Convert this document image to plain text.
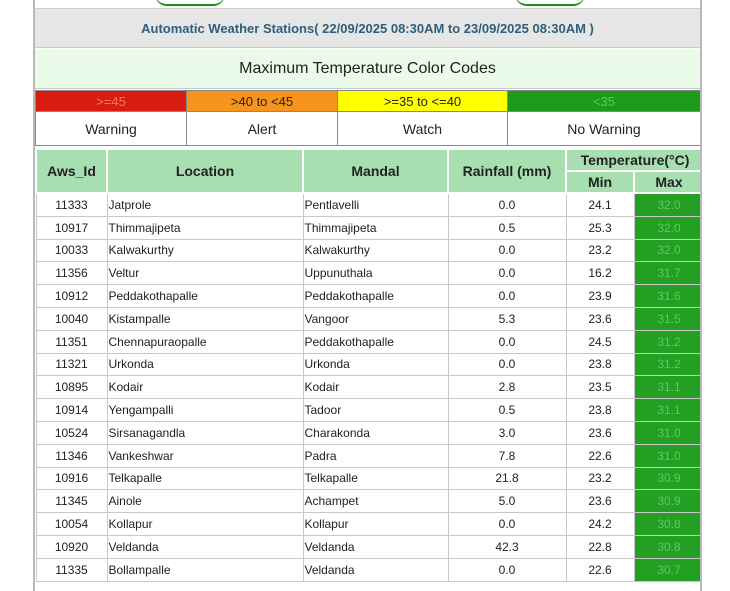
Automatic Weather Stations( 22/09/2025 08:30AM to 23/09/2025 08:30AM )
Maximum Temperature Color Codes
>=45	>40 to <45	>=35 to <=40	<35
Warning	Alert	Watch	No Warning
Aws_Id	Location	Mandal	Rainfall (mm)	Temperature(°C)	
				Min	Max
11333	Jatprole	Pentlavelli	0.0	24.1	32.0
10917	Thimmajipeta	Thimmajipeta	0.5	25.3	32.0
10033	Kalwakurthy	Kalwakurthy	0.0	23.2	32.0
11356	Veltur	Uppunuthala	0.0	16.2	31.7
10912	Peddakothapalle	Peddakothapalle	0.0	23.9	31.6
10040	Kistampalle	Vangoor	5.3	23.6	31.5
11351	Chennapuraopalle	Peddakothapalle	0.0	24.5	31.2
11321	Urkonda	Urkonda	0.0	23.8	31.2
10895	Kodair	Kodair	2.8	23.5	31.1
10914	Yengampalli	Tadoor	0.5	23.8	31.1
10524	Sirsanagandla	Charakonda	3.0	23.6	31.0
11346	Vankeshwar	Padra	7.8	22.6	31.0
10916	Telkapalle	Telkapalle	21.8	23.2	30.9
11345	Ainole	Achampet	5.0	23.6	30.9
10054	Kollapur	Kollapur	0.0	24.2	30.8
10920	Veldanda	Veldanda	42.3	22.8	30.8
11335	Bollampalle	Veldanda	0.0	22.6	30.7
